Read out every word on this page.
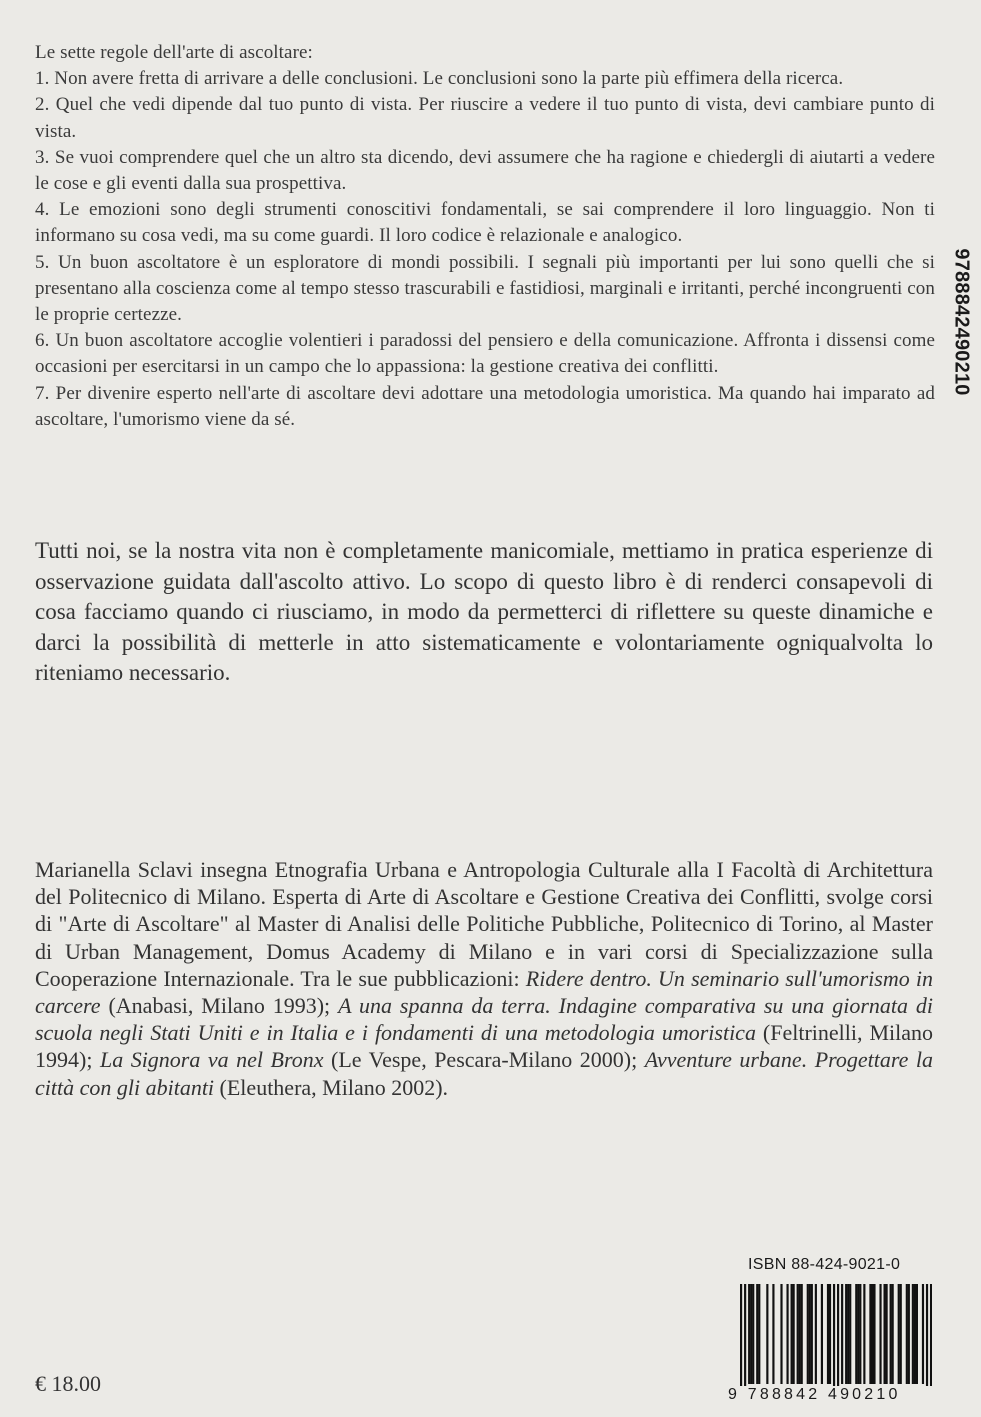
Le sette regole dell'arte di ascoltare:

1. Non avere fretta di arrivare a delle conclusioni. Le conclusioni sono la parte più effimera della ricerca.

2. Quel che vedi dipende dal tuo punto di vista. Per riuscire a vedere il tuo punto di vista, devi cambiare punto di vista.

3. Se vuoi comprendere quel che un altro sta dicendo, devi assumere che ha ragione e chiedergli di aiutarti a vedere le cose e gli eventi dalla sua prospettiva.

4. Le emozioni sono degli strumenti conoscitivi fondamentali, se sai comprendere il loro linguaggio. Non ti informano su cosa vedi, ma su come guardi. Il loro codice è relazionale e analogico.

5. Un buon ascoltatore è un esploratore di mondi possibili. I segnali più importanti per lui sono quelli che si presentano alla coscienza come al tempo stesso trascurabili e fastidiosi, marginali e irritanti, perché incongruenti con le proprie certezze.

6. Un buon ascoltatore accoglie volentieri i paradossi del pensiero e della comunicazione. Affronta i dissensi come occasioni per esercitarsi in un campo che lo appassiona: la gestione creativa dei conflitti.

7. Per divenire esperto nell'arte di ascoltare devi adottare una metodologia umoristica. Ma quando hai imparato ad ascoltare, l'umorismo viene da sé.

Tutti noi, se la nostra vita non è completamente manicomiale, mettiamo in pratica esperienze di osservazione guidata dall'ascolto attivo. Lo scopo di questo libro è di renderci consapevoli di cosa facciamo quando ci riusciamo, in modo da permetterci di riflettere su queste dinamiche e darci la possibilità di metterle in atto sistematicamente e volontariamente ogniqualvolta lo riteniamo necessario.

Marianella Sclavi insegna Etnografia Urbana e Antropologia Culturale alla I Facoltà di Architettura del Politecnico di Milano. Esperta di Arte di Ascoltare e Gestione Creativa dei Conflitti, svolge corsi di "Arte di Ascoltare" al Master di Analisi delle Politiche Pubbliche, Politecnico di Torino, al Master di Urban Management, Domus Academy di Milano e in vari corsi di Specializzazione sulla Cooperazione Internazionale. Tra le sue pubblicazioni: Ridere dentro. Un seminario sull'umorismo in carcere (Anabasi, Milano 1993); A una spanna da terra. Indagine comparativa su una giornata di scuola negli Stati Uniti e in Italia e i fondamenti di una metodologia umoristica (Feltrinelli, Milano 1994); La Signora va nel Bronx (Le Vespe, Pescara-Milano 2000); Avventure urbane. Progettare la città con gli abitanti (Eleuthera, Milano 2002).

9788842490210
ISBN 88-424-9021-0
9 788842 490210
€ 18.00
